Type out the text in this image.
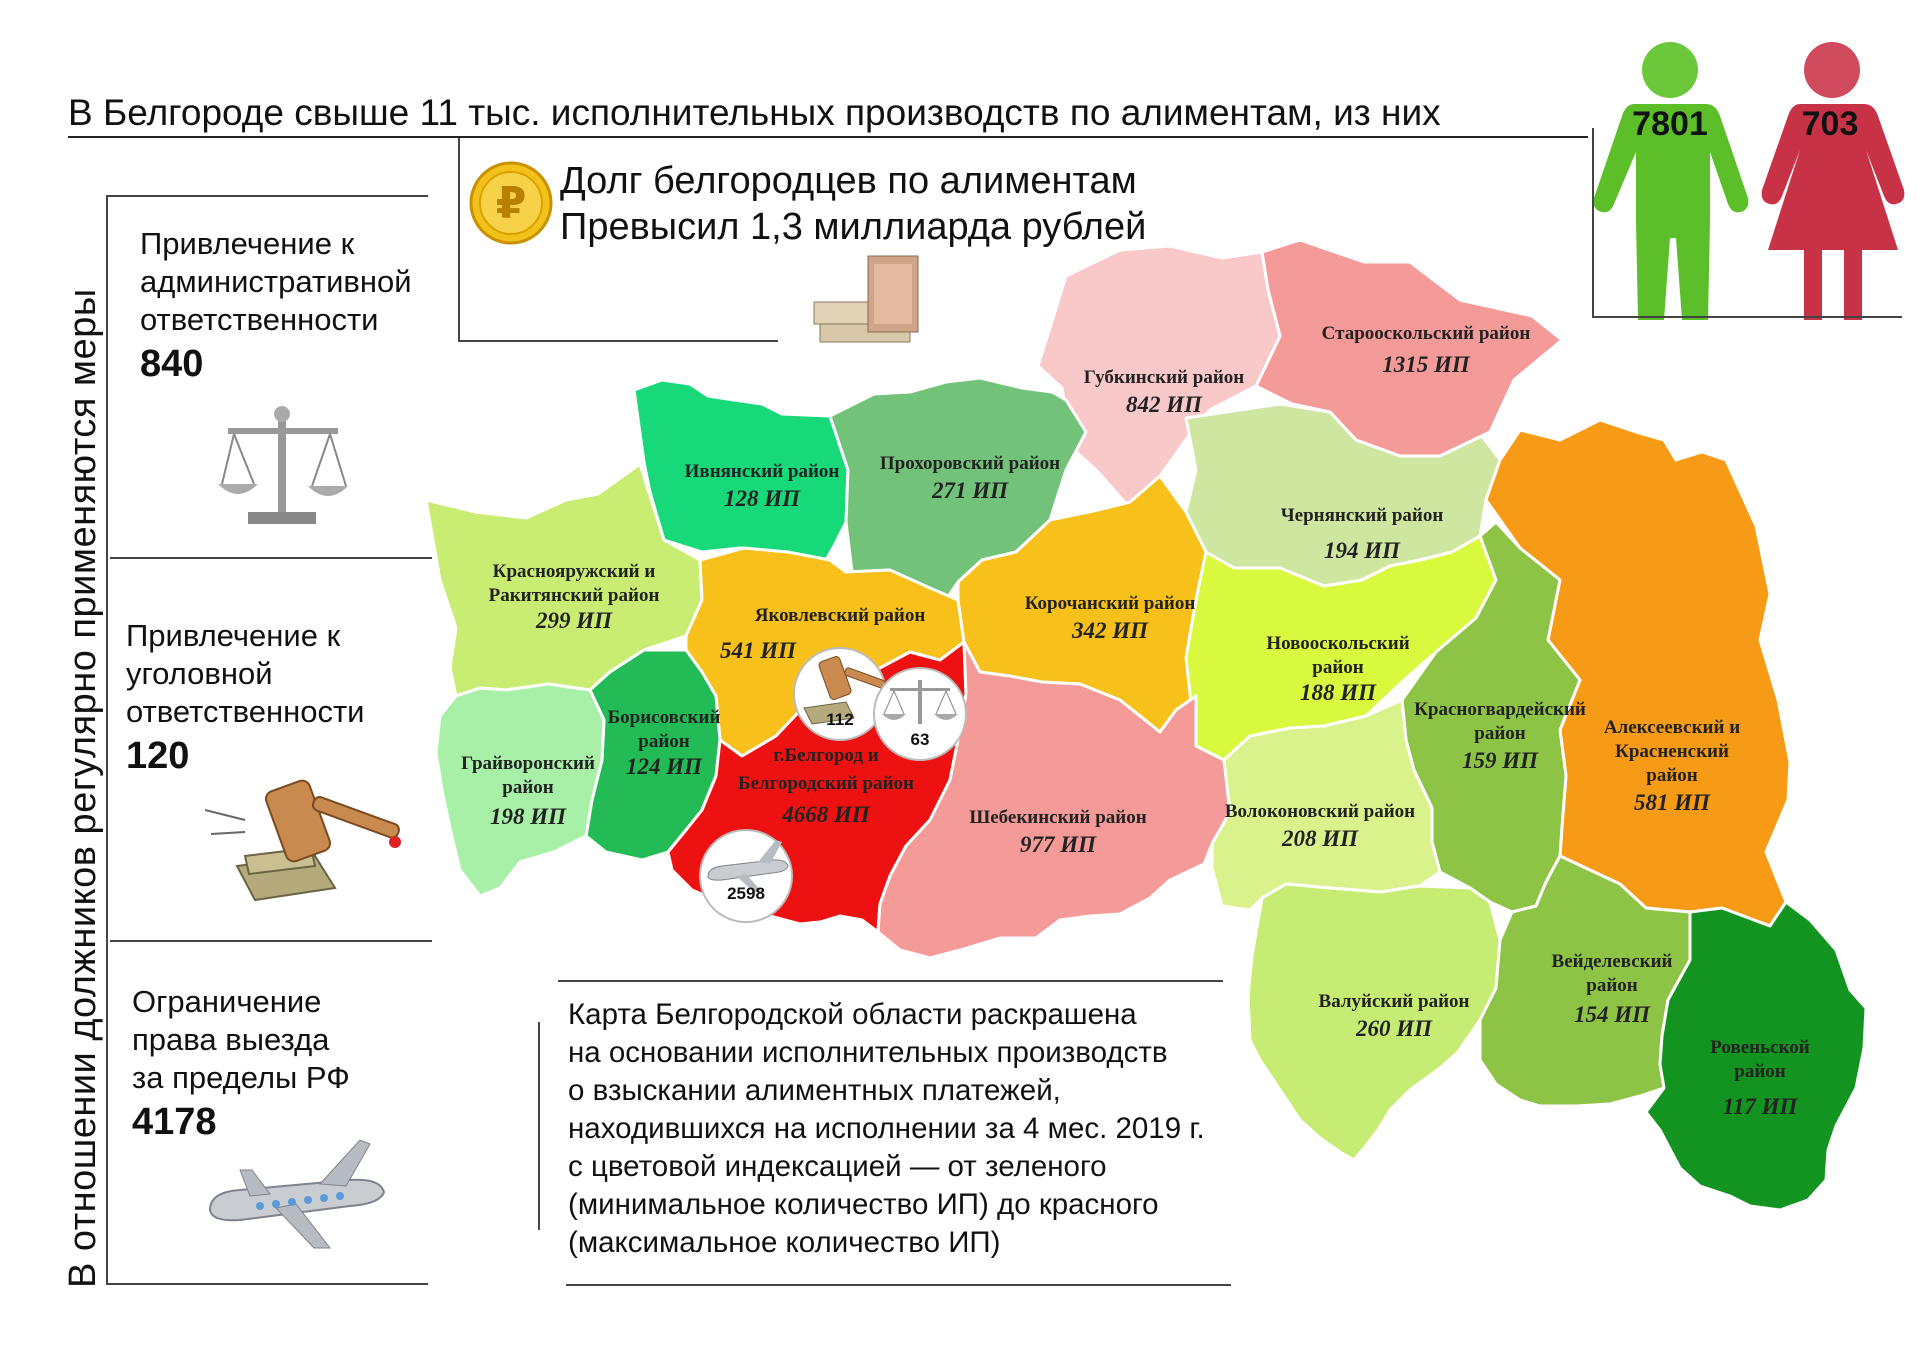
В Белгороде свыше 11 тыс. исполнительных производств по алиментам, из них	7801	703
₽ Долг белгородцев по алиментам
Превысил 1,3 миллиарда рублей
В отношении должников регулярно применяются меры
Привлечение к
административной
ответственности
840
Привлечение к
уголовной
ответственности
120
Ограничение
права выезда
за пределы РФ
4178
Старооскольский район
1315 ИП
Губкинский район
842 ИП
Ивнянский район
128 ИП
Прохоровский район
271 ИП
Чернянский район
194 ИП
Краснояружский и
Ракитянский район
299 ИП	Яковлевский район
541 ИП
Корочанский район
342 ИП
Новооскольский
район
188 ИП
Алексеевский и
Красненский
район
581 ИП
Борисовский
район
124 ИП
Грайворонский
район
198 ИП
г.Белгород и
Белгородский район
4668 ИП	Шебекинский район
977 ИП
Красногвардейский
район
159 ИП
Волоконовский район
208 ИП
Валуйский район
260 ИП
Вейделевский
район
154 ИП
Ровеньской
район
117 ИП
112
63
2598
Карта Белгородской области раскрашена
на основании исполнительных производств
о взыскании алиментных платежей,
находившихся на исполнении за 4 мес. 2019 г.
с цветовой индексацией — от зеленого
(минимальное количество ИП) до красного
(максимальное количество ИП)
